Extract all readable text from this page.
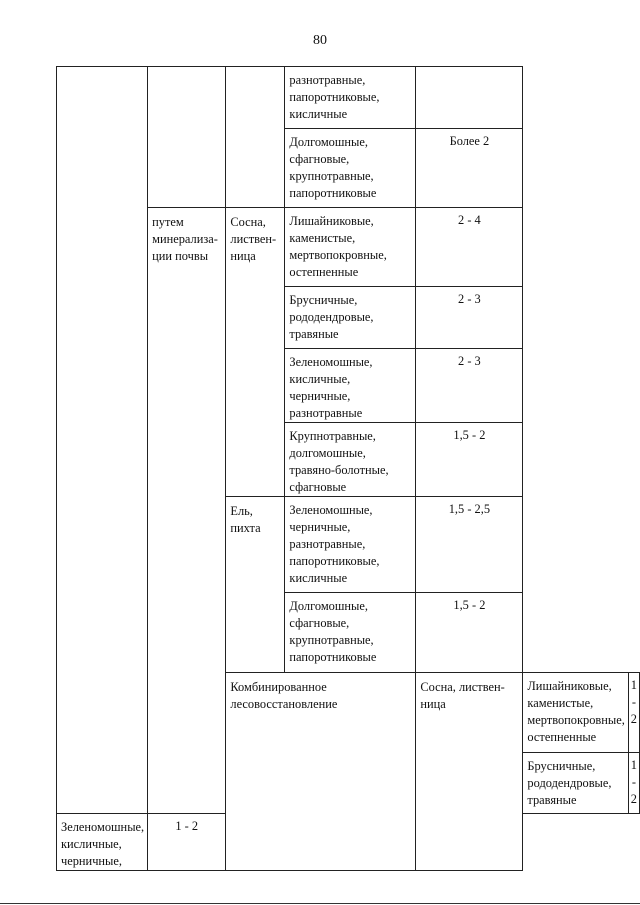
80
			разнотравные, папоротниковые, кисличные			
			Долгомошные, сфагновые, крупнотравные, папоротниковые	Более 2		
	путем минерализа-ции почвы	Сосна, листвен-ница	Лишайниковые, каменистые, мертвопокровные, остепненные	2 - 4		
			Брусничные, рододендровые, травяные	2 - 3		
			Зеленомошные, кисличные, черничные, разнотравные	2 - 3		
			Крупнотравные, долгомошные, травяно-болотные, сфагновые	1,5 - 2		
		Ель, пихта	Зеленомошные, черничные, разнотравные, папоротниковые, кисличные	1,5 - 2,5		
			Долгомошные, сфагновые, крупнотравные, папоротниковые	1,5 - 2		
		Комбинированное лесовосстановление		Сосна, листвен-ница	Лишайниковые, каменистые, мертвопокровные, остепненные	1 - 2
					Брусничные, рододендровые, травяные	1 - 2
Зеленомошные, кисличные, черничные,	1 - 2					
